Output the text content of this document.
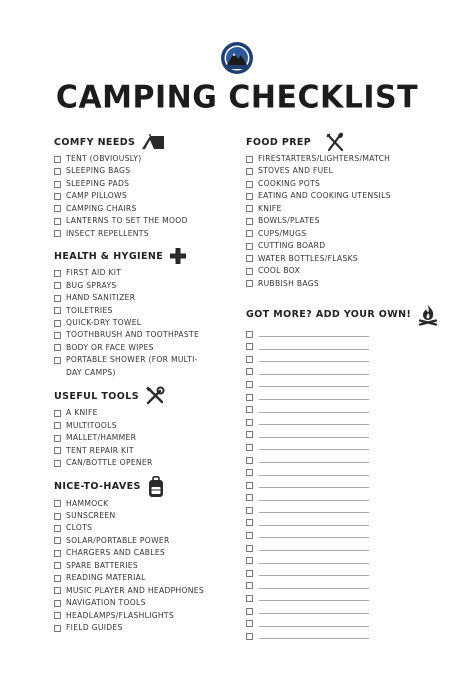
CAMPING CHECKLIST
COMFY NEEDS
TENT (OBVIOUSLY)
SLEEPING BAGS
SLEEPING PADS
CAMP PILLOWS
CAMPING CHAIRS
LANTERNS TO SET THE MOOD
INSECT REPELLENTS
HEALTH & HYGIENE
FIRST AID KIT
BUG SPRAYS
HAND SANITIZER
TOILETRIES
QUICK-DRY TOWEL
TOOTHBRUSH AND TOOTHPASTE
BODY OR FACE WIPES
PORTABLE SHOWER (FOR MULTI-DAY CAMPS)
USEFUL TOOLS
A KNIFE
MULTITOOLS
MALLET/HAMMER
TENT REPAIR KIT
CAN/BOTTLE OPENER
NICE-TO-HAVES
HAMMOCK
SUNSCREEN
CLOTS
SOLAR/PORTABLE POWER
CHARGERS AND CABLES
SPARE BATTERIES
READING MATERIAL
MUSIC PLAYER AND HEADPHONES
NAVIGATION TOOLS
HEADLAMPS/FLASHLIGHTS
FIELD GUIDES
FOOD PREP
FIRESTARTERS/LIGHTERS/MATCH
STOVES AND FUEL
COOKING POTS
EATING AND COOKING UTENSILS
KNIFE
BOWLS/PLATES
CUPS/MUGS
CUTTING BOARD
WATER BOTTLES/FLASKS
COOL BOX
RUBBISH BAGS
GOT MORE? ADD YOUR OWN!
